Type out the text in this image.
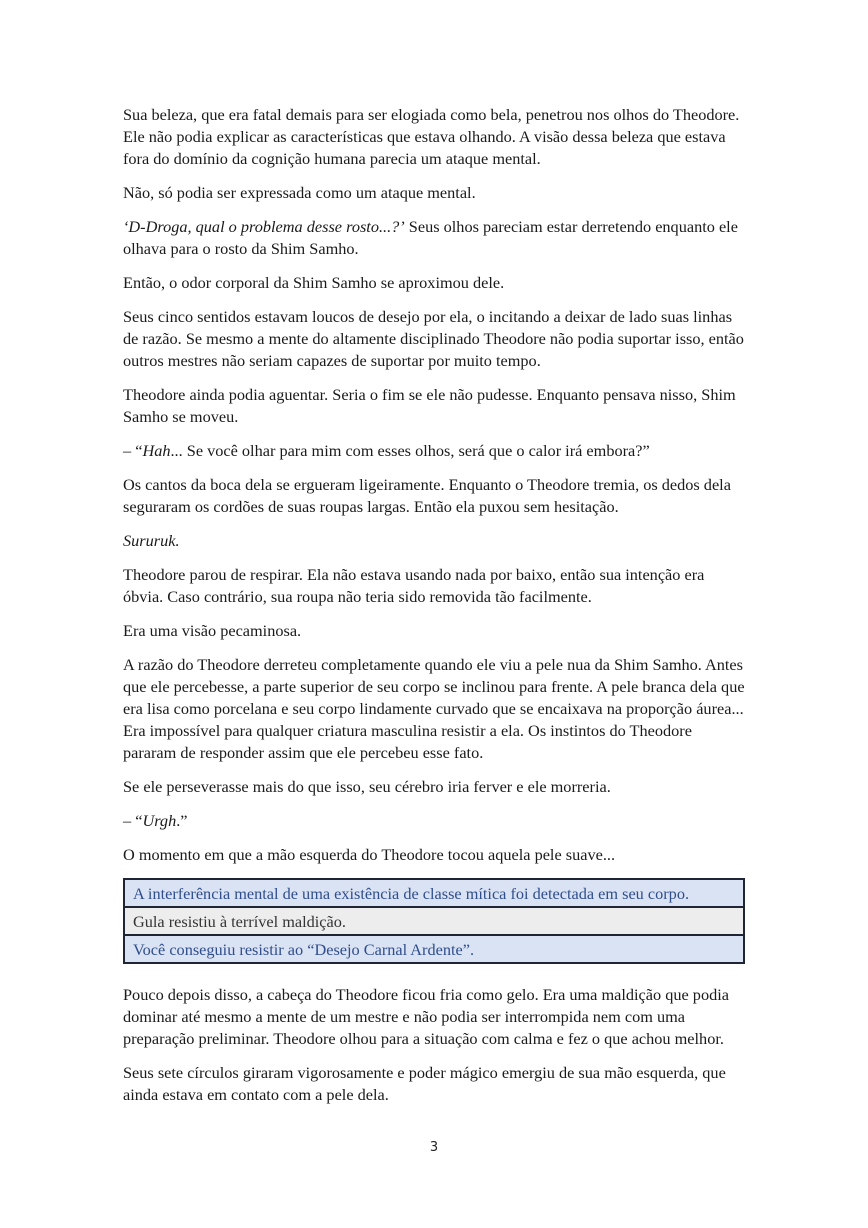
Sua beleza, que era fatal demais para ser elogiada como bela, penetrou nos olhos do Theodore. Ele não podia explicar as características que estava olhando. A visão dessa beleza que estava fora do domínio da cognição humana parecia um ataque mental.

Não, só podia ser expressada como um ataque mental.

‘D-Droga, qual o problema desse rosto...?’ Seus olhos pareciam estar derretendo enquanto ele olhava para o rosto da Shim Samho.

Então, o odor corporal da Shim Samho se aproximou dele.

Seus cinco sentidos estavam loucos de desejo por ela, o incitando a deixar de lado suas linhas de razão. Se mesmo a mente do altamente disciplinado Theodore não podia suportar isso, então outros mestres não seriam capazes de suportar por muito tempo.

Theodore ainda podia aguentar. Seria o fim se ele não pudesse. Enquanto pensava nisso, Shim Samho se moveu.

– “Hah... Se você olhar para mim com esses olhos, será que o calor irá embora?”

Os cantos da boca dela se ergueram ligeiramente. Enquanto o Theodore tremia, os dedos dela seguraram os cordões de suas roupas largas. Então ela puxou sem hesitação.

Sururuk.

Theodore parou de respirar. Ela não estava usando nada por baixo, então sua intenção era óbvia. Caso contrário, sua roupa não teria sido removida tão facilmente.

Era uma visão pecaminosa.

A razão do Theodore derreteu completamente quando ele viu a pele nua da Shim Samho. Antes que ele percebesse, a parte superior de seu corpo se inclinou para frente. A pele branca dela que era lisa como porcelana e seu corpo lindamente curvado que se encaixava na proporção áurea... Era impossível para qualquer criatura masculina resistir a ela. Os instintos do Theodore pararam de responder assim que ele percebeu esse fato.

Se ele perseverasse mais do que isso, seu cérebro iria ferver e ele morreria.

– “Urgh.”

O momento em que a mão esquerda do Theodore tocou aquela pele suave...

A interferência mental de uma existência de classe mítica foi detectada em seu corpo.
Gula resistiu à terrível maldição.
Você conseguiu resistir ao “Desejo Carnal Ardente”.

Pouco depois disso, a cabeça do Theodore ficou fria como gelo. Era uma maldição que podia dominar até mesmo a mente de um mestre e não podia ser interrompida nem com uma preparação preliminar. Theodore olhou para a situação com calma e fez o que achou melhor.

Seus sete círculos giraram vigorosamente e poder mágico emergiu de sua mão esquerda, que ainda estava em contato com a pele dela.

3
